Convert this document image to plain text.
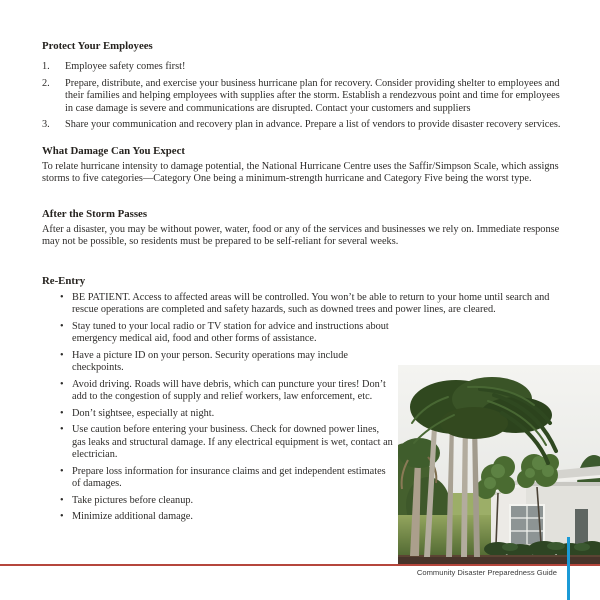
Protect Your Employees
1.	Employee safety comes first!
2.	Prepare, distribute, and exercise your business hurricane plan for recovery. Consider providing shelter to employees and their families and helping employees with supplies after the storm. Establish a rendezvous point and time for employees in case damage is severe and communications are disrupted. Contact your customers and suppliers
3.	Share your communication and recovery plan in advance. Prepare a list of vendors to provide disaster recovery services.
What Damage Can You Expect

To relate hurricane intensity to damage potential, the National Hurricane Centre uses the Saffir/Simpson Scale, which assigns storms to five categories—Category One being a minimum-strength hurricane and Category Five being the worst type.

After the Storm Passes

After a disaster, you may be without power, water, food or any of the services and businesses we rely on. Immediate response may not be possible, so residents must be prepared to be self-reliant for several weeks.

Re-Entry
• BE PATIENT. Access to affected areas will be controlled. You won’t be able to return to your home until search and rescue operations are completed and safety hazards, such as downed trees and power lines, are cleared.
• Stay tuned to your local radio or TV station for advice and instructions about emergency medical aid, food and other forms of assistance.
• Have a picture ID on your person. Security operations may include checkpoints.
• Avoid driving. Roads will have debris, which can puncture your tires! Don’t add to the congestion of supply and relief workers, law enforcement, etc.
• Don’t sightsee, especially at night.
• Use caution before entering your business. Check for downed power lines, gas leaks and structural damage. If any electrical equipment is wet, contact an electrician.
• Prepare loss information for insurance claims and get independent estimates of damages.
• Take pictures before cleanup.
• Minimize additional damage.
Community Disaster Preparedness Guide
